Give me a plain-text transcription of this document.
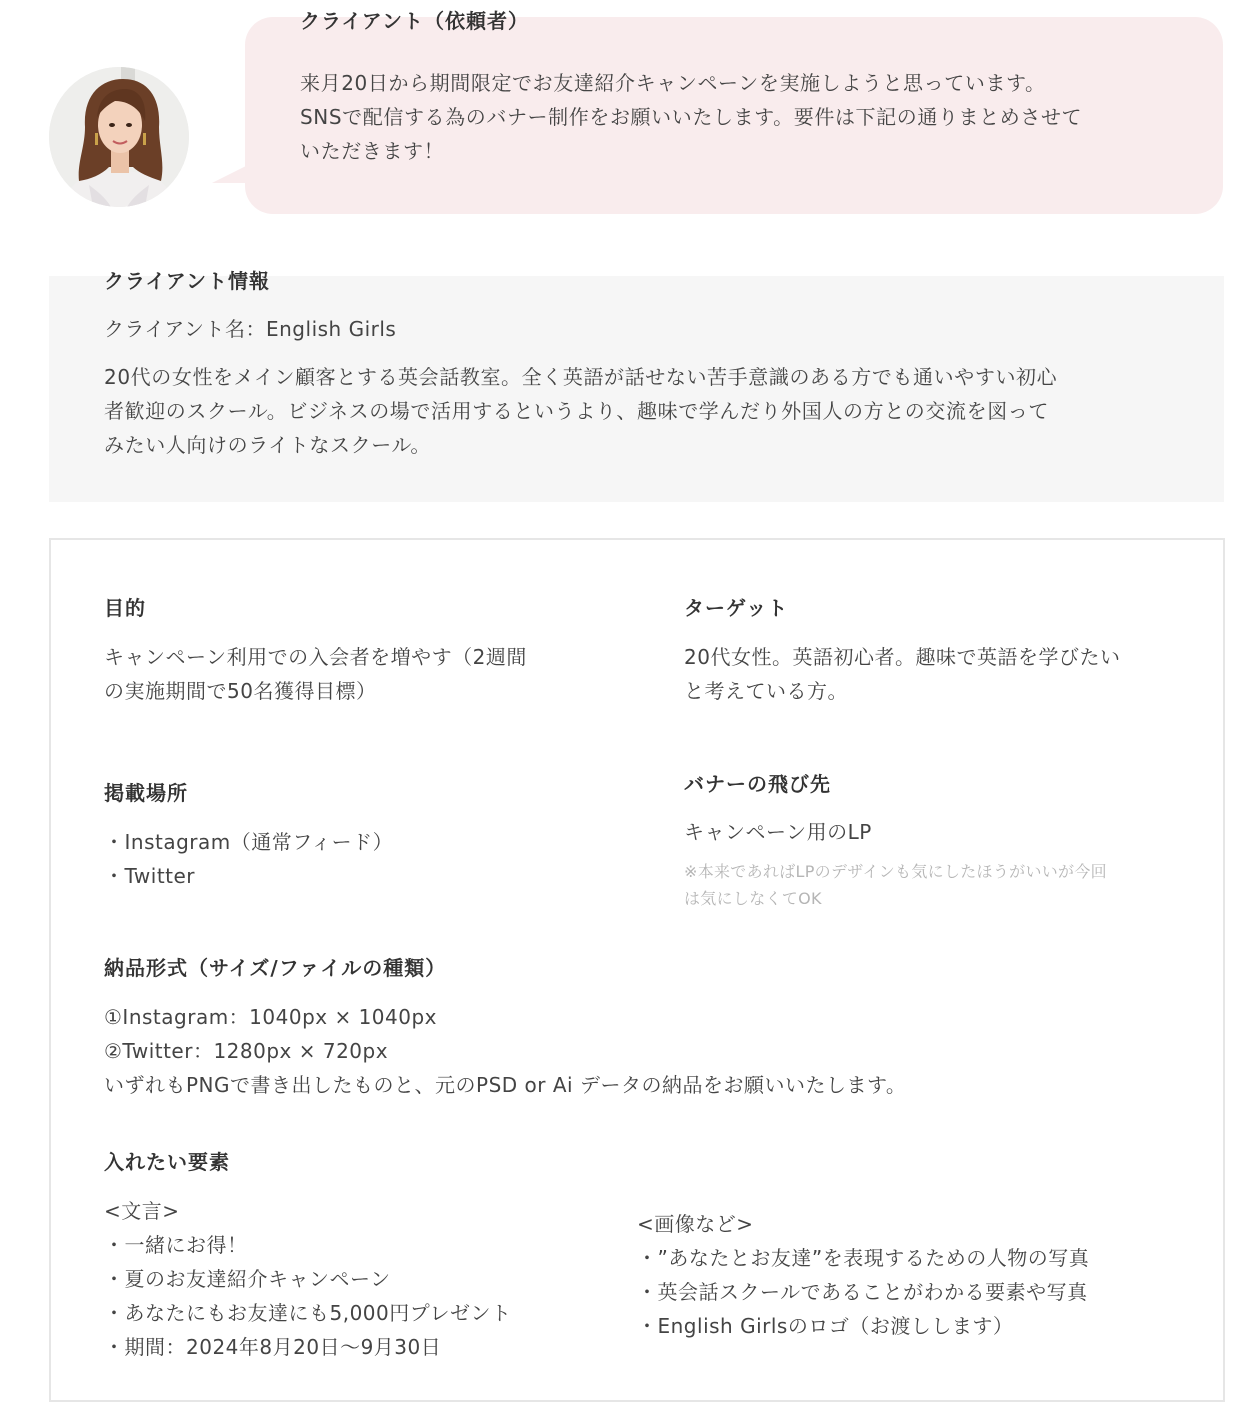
クライアント（依頼者）
来月20日から期間限定でお友達紹介キャンペーンを実施しようと思っています。
SNSで配信する為のバナー制作をお願いいたします。要件は下記の通りまとめさせて
いただきます！
クライアント情報
クライアント名：English Girls
20代の女性をメイン顧客とする英会話教室。全く英語が話せない苦手意識のある方でも通いやすい初心
者歓迎のスクール。ビジネスの場で活用するというより、趣味で学んだり外国人の方との交流を図って
みたい人向けのライトなスクール。
目的
キャンペーン利用での入会者を増やす（2週間
の実施期間で50名獲得目標）
ターゲット
20代女性。英語初心者。趣味で英語を学びたい
と考えている方。
掲載場所
・Instagram（通常フィード）
・Twitter
バナーの飛び先
キャンペーン用のLP
※本来であればLPのデザインも気にしたほうがいいが今回
は気にしなくてOK
納品形式（サイズ/ファイルの種類）
①Instagram：1040px × 1040px
②Twitter：1280px × 720px
いずれもPNGで書き出したものと、元のPSD or Ai データの納品をお願いいたします。
入れたい要素
<文言>
・一緒にお得！
・夏のお友達紹介キャンペーン
・あなたにもお友達にも5,000円プレゼント
・期間：2024年8月20日〜9月30日
<画像など>
・”あなたとお友達”を表現するための人物の写真
・英会話スクールであることがわかる要素や写真
・English Girlsのロゴ（お渡しします）
